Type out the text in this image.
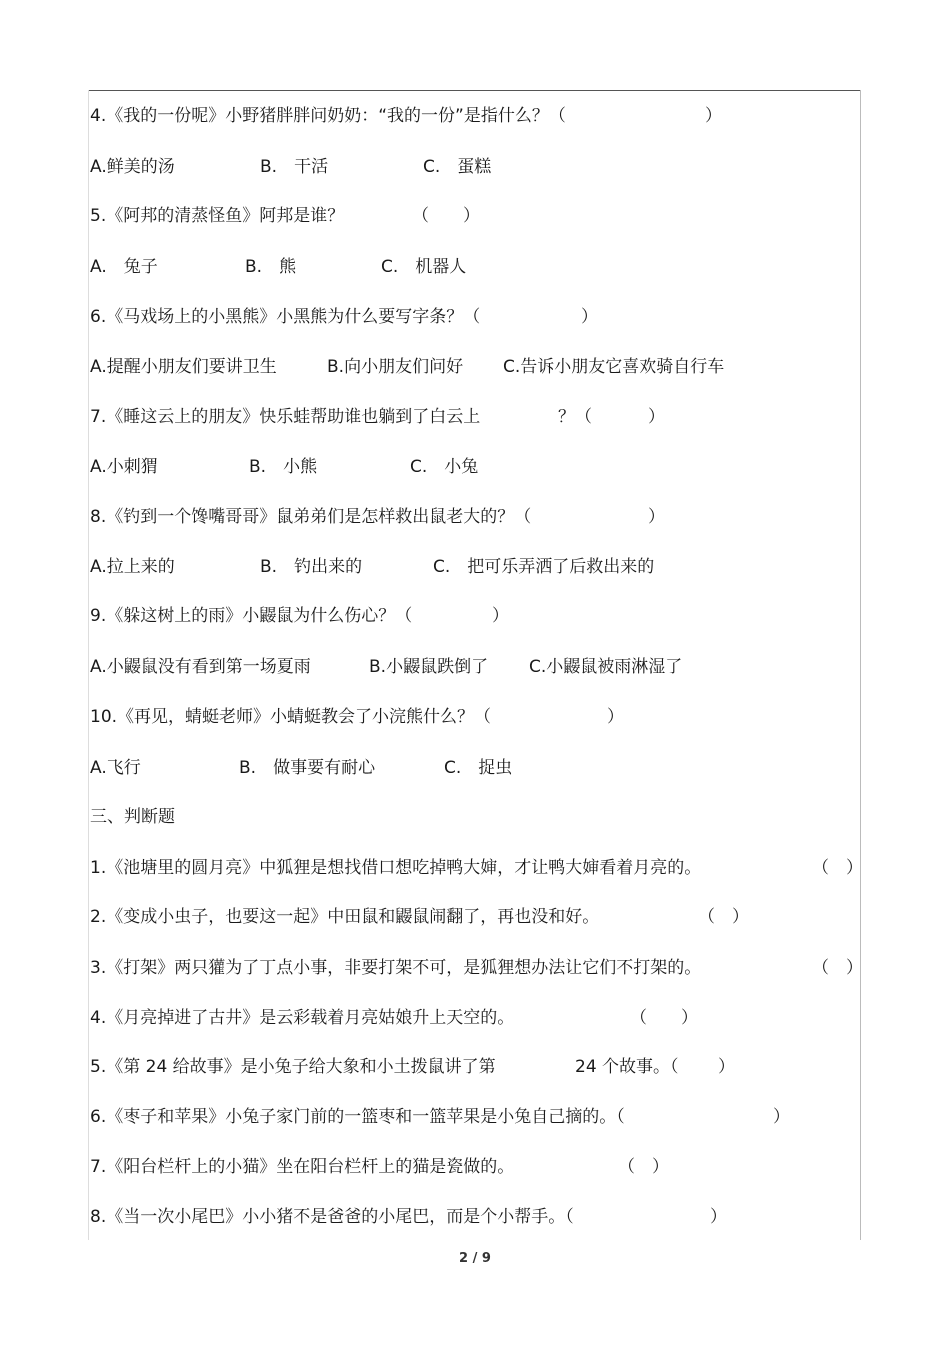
4.《我的一份呢》小野猪胖胖问奶奶：“我的一份”是指什么？（

	）

A.鲜美的汤

	B.　干活

	C.　蛋糕

5.《阿邦的清蒸怪鱼》阿邦是谁？

	（　　）

A.　兔子

	B.　熊

	C.　机器人

6.《马戏场上的小黑熊》小黑熊为什么要写字条？（

	）

A.提醒小朋友们要讲卫生

	B.向小朋友们问好

C.告诉小朋友它喜欢骑自行车

7.《睡这云上的朋友》快乐蛙帮助谁也躺到了白云上

	？（

	）

A.小刺猬

	B.　小熊

	C.　小兔

8.《钓到一个馋嘴哥哥》鼠弟弟们是怎样救出鼠老大的？（

	）

A.拉上来的

	B.　钓出来的

	C.　把可乐弄洒了后救出来的

9.《躲这树上的雨》小鼹鼠为什么伤心？（

	）

A.小鼹鼠没有看到第一场夏雨

	B.小鼹鼠跌倒了

C.小鼹鼠被雨淋湿了

10.《再见，蜻蜓老师》小蜻蜓教会了小浣熊什么？（

	）

A.飞行

	B.　做事要有耐心

	C.　捉虫

三、判断题

1.《池塘里的圆月亮》中狐狸是想找借口想吃掉鸭大婶，才让鸭大婶看着月亮的。

	（　）

2.《变成小虫子，也要这一起》中田鼠和鼹鼠闹翻了，再也没和好。

	（　）

3.《打架》两只獾为了丁点小事，非要打架不可，是狐狸想办法让它们不打架的。

	（　）

4.《月亮掉进了古井》是云彩载着月亮姑娘升上天空的。

	（　　）

5.《第 24 给故事》是小兔子给大象和小土拨鼠讲了第

	24 个故事。（　　 ）

6.《枣子和苹果》小兔子家门前的一篮枣和一篮苹果是小兔自己摘的。（

	）

7.《阳台栏杆上的小猫》坐在阳台栏杆上的猫是瓷做的。

	（　）

8.《当一次小尾巴》小小猪不是爸爸的小尾巴，而是个小帮手。（

	）

2 / 9
